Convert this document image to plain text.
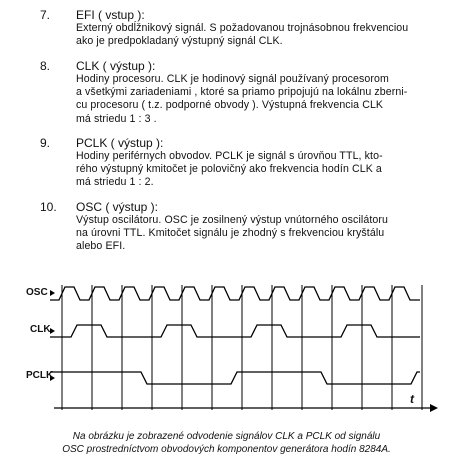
7. EFI ( vstup ):
Externý obdĺžnikový signál. S požadovanou trojnásobnou frekvenciou
ako je predpokladaný výstupný signál CLK.
8. CLK ( výstup ):
Hodiny procesoru. CLK je hodinový signál používaný procesorom
a všetkými zariadeniami , ktoré sa priamo pripojujú na lokálnu zberni-
cu procesoru ( t.z. podporné obvody ). Výstupná frekvencia CLK
má striedu 1 : 3 .
9. PCLK ( výstup ):
Hodiny periférnych obvodov. PCLK je signál s úrovňou TTL, kto-
rého výstupný kmitočet je polovičný ako frekvencia hodín CLK a
má striedu 1 : 2.
10. OSC ( výstup ):
Výstup oscilátoru. OSC je zosilnený výstup vnútorného oscilátoru
na úrovni TTL. Kmitočet signálu je zhodný s frekvenciou kryštálu
alebo EFI.
OSC
CLK
PCLK
t
Na obrázku je zobrazené odvodenie signálov CLK a PCLK od signálu
OSC prostredníctvom obvodových komponentov generátora hodín 8284A.
